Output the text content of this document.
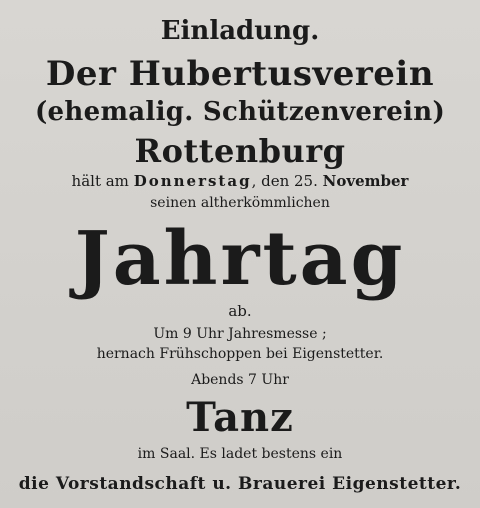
Einladung.
Der Hubertusverein
(ehemalig. Schützenverein)
Rottenburg
hält am Donnerstag, den 25. November
seinen altherkömmlichen
Jahrtag
ab.
Um 9 Uhr Jahresmesse ;
hernach Frühschoppen bei Eigenstetter.
Abends 7 Uhr
Tanz
im Saal. Es ladet bestens ein
die Vorstandschaft u. Brauerei Eigenstetter.
